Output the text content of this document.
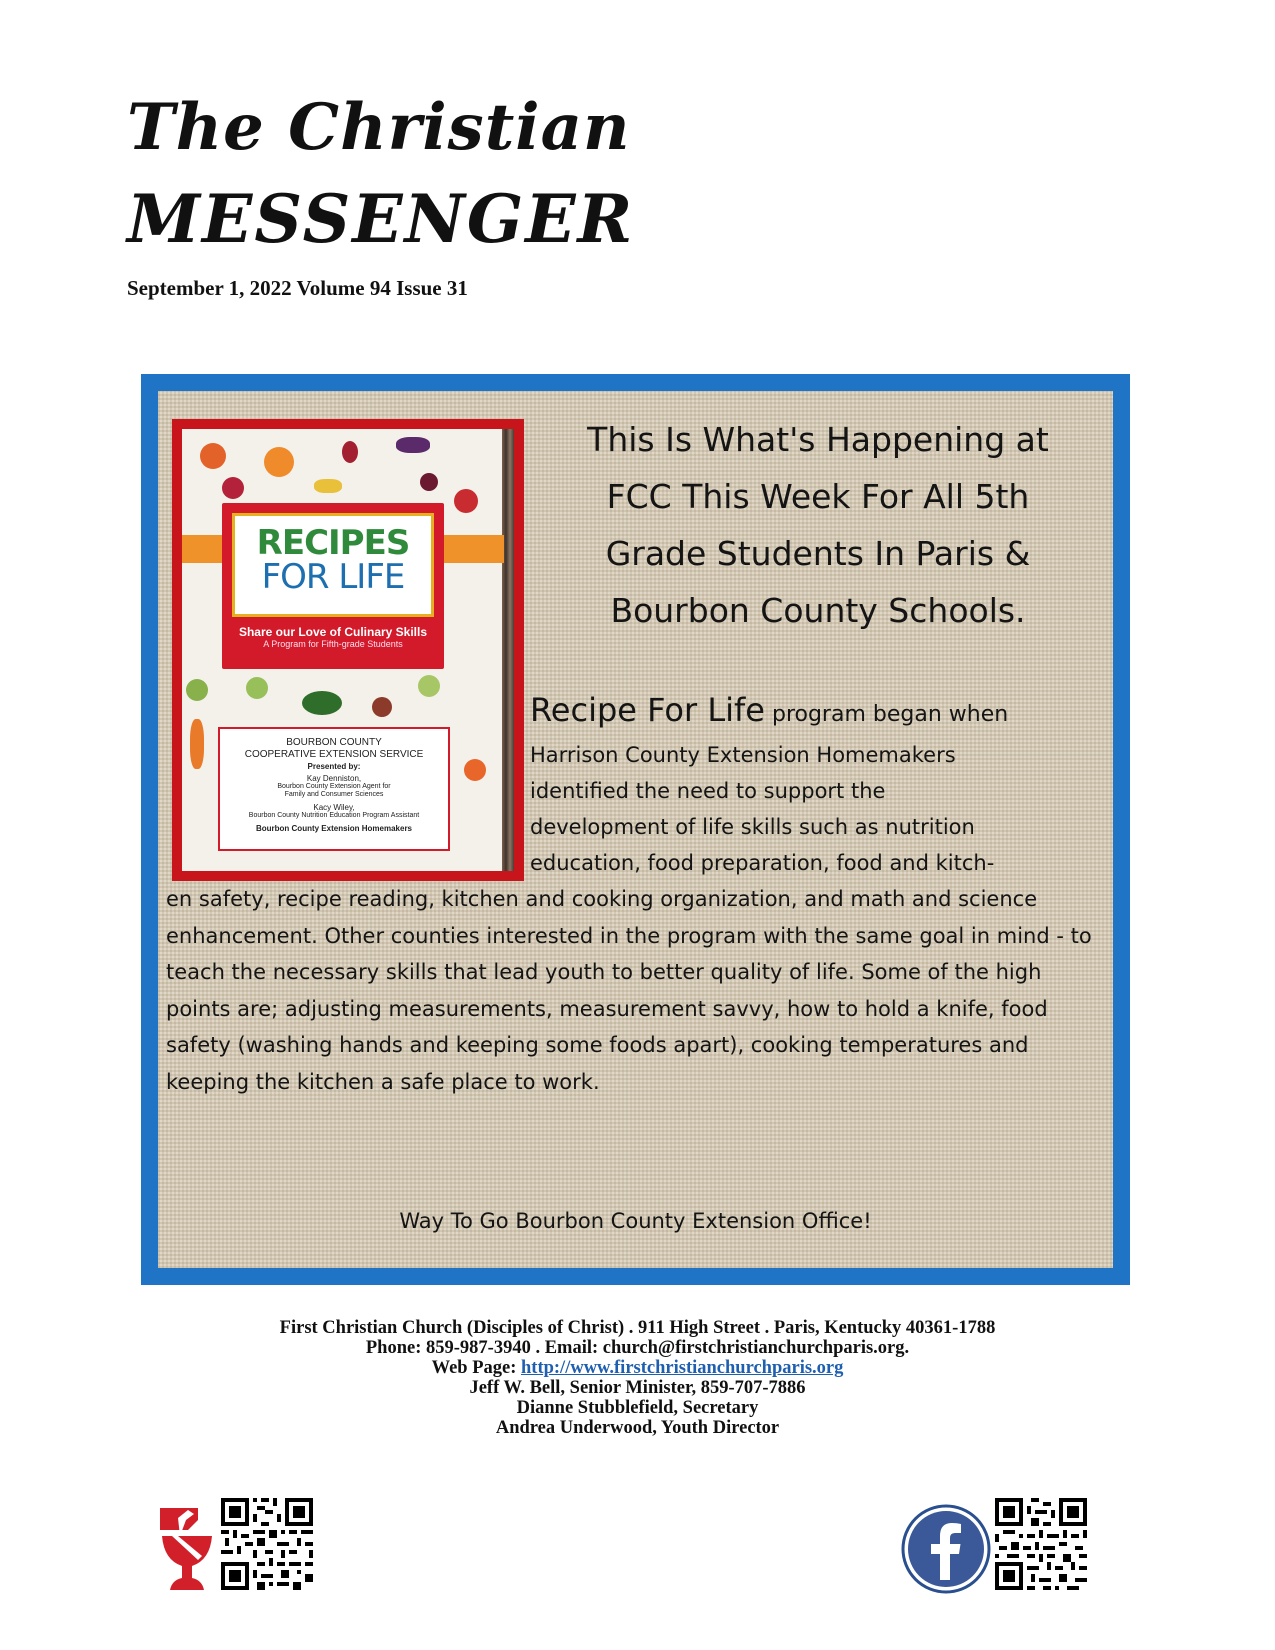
The Christian
MESSENGER
September 1, 2022 Volume 94 Issue 31
RECIPES
FOR LIFE
Share our Love of Culinary Skills
A Program for Fifth-grade Students
BOURBON COUNTY
COOPERATIVE EXTENSION SERVICE
Presented by:
Kay Denniston,
Bourbon County Extension Agent for
Family and Consumer Sciences
Kacy Wiley,
Bourbon County Nutrition Education Program Assistant
Bourbon County Extension Homemakers
This Is What's Happening at
FCC This Week For All 5th
Grade Students In Paris &
Bourbon County Schools.
Recipe For Life program began when
Harrison County Extension Homemakers
identified the need to support the
development of life skills such as nutrition
education, food preparation, food and kitch-
en safety, recipe reading, kitchen and cooking organization, and math and science enhancement. Other counties interested in the program with the same goal in mind - to teach the necessary skills that lead youth to better quality of life. Some of the high points are; adjusting measurements, measurement savvy, how to hold a knife, food safety (washing hands and keeping some foods apart), cooking temperatures and keeping the kitchen a safe place to work.
Way To Go Bourbon County Extension Office!
First Christian Church (Disciples of Christ) . 911 High Street . Paris, Kentucky 40361-1788
Phone: 859-987-3940 . Email: church@firstchristianchurchparis.org.
Web Page: http://www.firstchristianchurchparis.org
Jeff W. Bell, Senior Minister, 859-707-7886
Dianne Stubblefield, Secretary
Andrea Underwood, Youth Director
